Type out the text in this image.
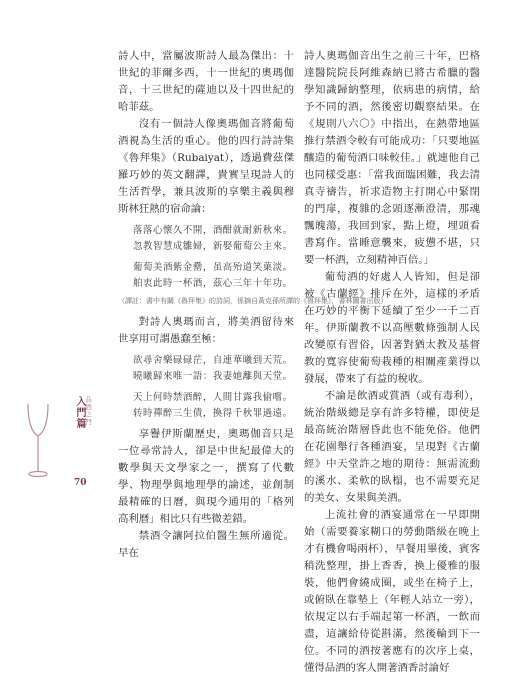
詩人中，當屬波斯詩人最為傑出：十世紀的菲爾多西，十一世紀的奧瑪伽音，十三世紀的薩迪以及十四世紀的哈菲茲。

沒有一個詩人像奧瑪伽音將葡萄酒視為生活的重心。他的四行詩詩集《魯拜集》（Rubaiyat），透過費茲傑羅巧妙的英文翻譯，貴實呈現詩人的生活哲學，兼具波斯的享樂主義與穆斯林狂熱的宿命論：

落落心懷久不開，酒酣就耐新秋來。
忽教智慧成雛婦，新娶葡萄公主來。
葡萄美酒紫金罍，虽高殆道笑菓淡。
舶衷此時一杯酒，茲心三年十年功。
（譯註：書中有關《魯拜集》的詩詞，係摘自黃克孫所譯的《魯拜集》，書林圖書出版）

對詩人奧瑪而言，將美酒留待來世享用可謂愚蠢至極：

欲尋舍樂碌碌茫，自連華曦到天荒。
曉曦歸來唯一語：我妻她離與天堂。
天上何時禁酒醉，人間甘露我偷嚐。
转時禪醉三生債，換得千秋罪過遠。

享譽伊斯蘭歷史，奧瑪伽音只是一位尋常詩人，卻是中世紀最偉大的數學與天文學家之一，撰寫了代數學、物理學與地理學的論述，並創制最精確的日曆，與現今通用的「格列高利曆」相比只有些微差錯。

禁酒令讓阿拉伯醫生無所適從。早在

詩人奧瑪伽音出生之前三十年，巴格達醫院院長阿維森納已將古希臘的醫學知識歸納整理，依病患的病情，給予不同的酒，然後密切觀察結果。在《規則八六〇》中指出，在熱帶地區推行禁酒令較有可能成功：「只要地區釀造的葡萄酒口味較佳。」就連他自己也同樣受惠：「當我面臨困難，我去清真寺禱告，祈求造物主打開心中緊閉的門扉，複雜的念頭逐漸澄清，那魂飄魄蕩，我回到家，點上燈，埋頭看書寫作。當睡意襲來，疲憊不堪，只要一杯酒，立刻精神百倍。」

葡萄酒的好處人人皆知，但是卻被《古蘭經》排斥在外，這樣的矛盾在巧妙的平衡下延續了至少一千二百年。伊斯蘭教不以高壓數條強制人民改變原有習俗，因著對猶太教及基督教的寬容使葡萄栽種的相關產業得以發展，帶來了有益的稅收。

不論是飲酒或賞酒（或有毒利），統治階級總是享有許多特權，即使是最高統治階層昏此也不能免俗。他們在花園舉行各種酒宴，呈現對《古蘭經》中天堂許之地的期待：無需流動的溪水、柔軟的臥榻，也不需要充足的美女、女果與美酒。

上流社會的酒宴通常在一早即開始（需要養家糊口的勞動階級在晚上才有機會喝兩杯），早餐用畢後，賓客稍洗整理，掛上香香，換上優雅的服裝，他們會繞成圈，或坐在椅子上，或俯臥在靠墊上（年輕人站立一旁），依規定以右手端起第一杯酒，一飲而盡，這讓給侍從斟滿，然後輪到下一位。不同的酒按著應有的次序上桌，懂得品酒的客人開著酒香討論好

品酒之門
入門篇
70
